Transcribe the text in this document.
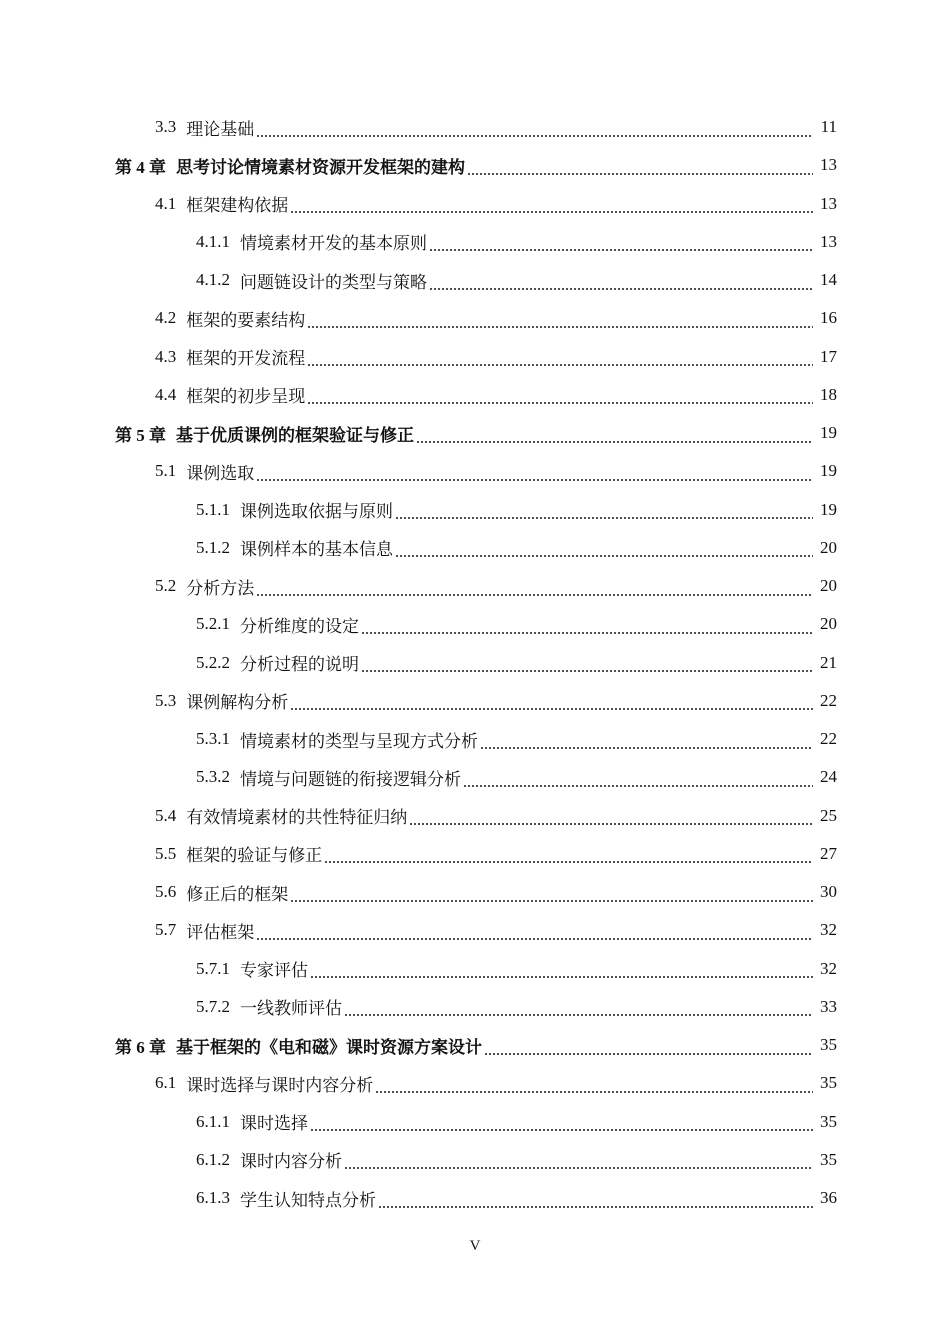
3.3 理论基础	11
第 4 章 思考讨论情境素材资源开发框架的建构	13
4.1 框架建构依据	13
4.1.1 情境素材开发的基本原则	13
4.1.2 问题链设计的类型与策略	14
4.2 框架的要素结构	16
4.3 框架的开发流程	17
4.4 框架的初步呈现	18
第 5 章 基于优质课例的框架验证与修正	19
5.1 课例选取	19
5.1.1 课例选取依据与原则	19
5.1.2 课例样本的基本信息	20
5.2 分析方法	20
5.2.1 分析维度的设定	20
5.2.2 分析过程的说明	21
5.3 课例解构分析	22
5.3.1 情境素材的类型与呈现方式分析	22
5.3.2 情境与问题链的衔接逻辑分析	24
5.4 有效情境素材的共性特征归纳	25
5.5 框架的验证与修正	27
5.6 修正后的框架	30
5.7 评估框架	32
5.7.1 专家评估	32
5.7.2 一线教师评估	33
第 6 章 基于框架的《电和磁》课时资源方案设计	35
6.1 课时选择与课时内容分析	35
6.1.1 课时选择	35
6.1.2 课时内容分析	35
6.1.3 学生认知特点分析	36
V
